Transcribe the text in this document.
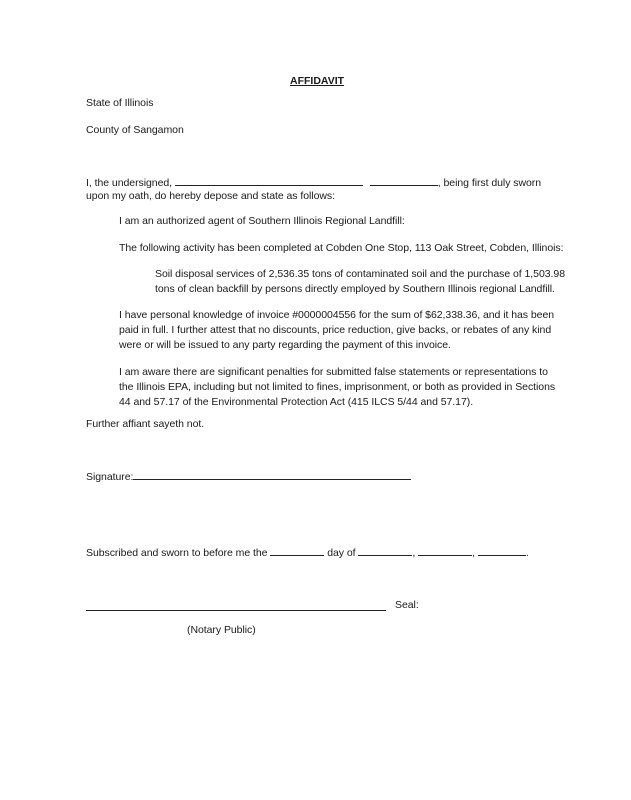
AFFIDAVIT
State of Illinois
County of Sangamon
I, the undersigned,	, being first duly sworn
upon my oath, do hereby depose and state as follows:
I am an authorized agent of Southern Illinois Regional Landfill:
The following activity has been completed at Cobden One Stop, 113 Oak Street, Cobden, Illinois:
Soil disposal services of 2,536.35 tons of contaminated soil and the purchase of 1,503.98
tons of clean backfill by persons directly employed by Southern Illinois regional Landfill.
I have personal knowledge of invoice #0000004556 for the sum of $62,338.36, and it has been
paid in full. I further attest that no discounts, price reduction, give backs, or rebates of any kind
were or will be issued to any party regarding the payment of this invoice.
I am aware there are significant penalties for submitted false statements or representations to
the Illinois EPA, including but not limited to fines, imprisonment, or both as provided in Sections
44 and 57.17 of the Environmental Protection Act (415 ILCS 5/44 and 57.17).
Further affiant sayeth not.
Signature:
Subscribed and sworn to before me the	day of	,	,	.
Seal:
(Notary Public)
